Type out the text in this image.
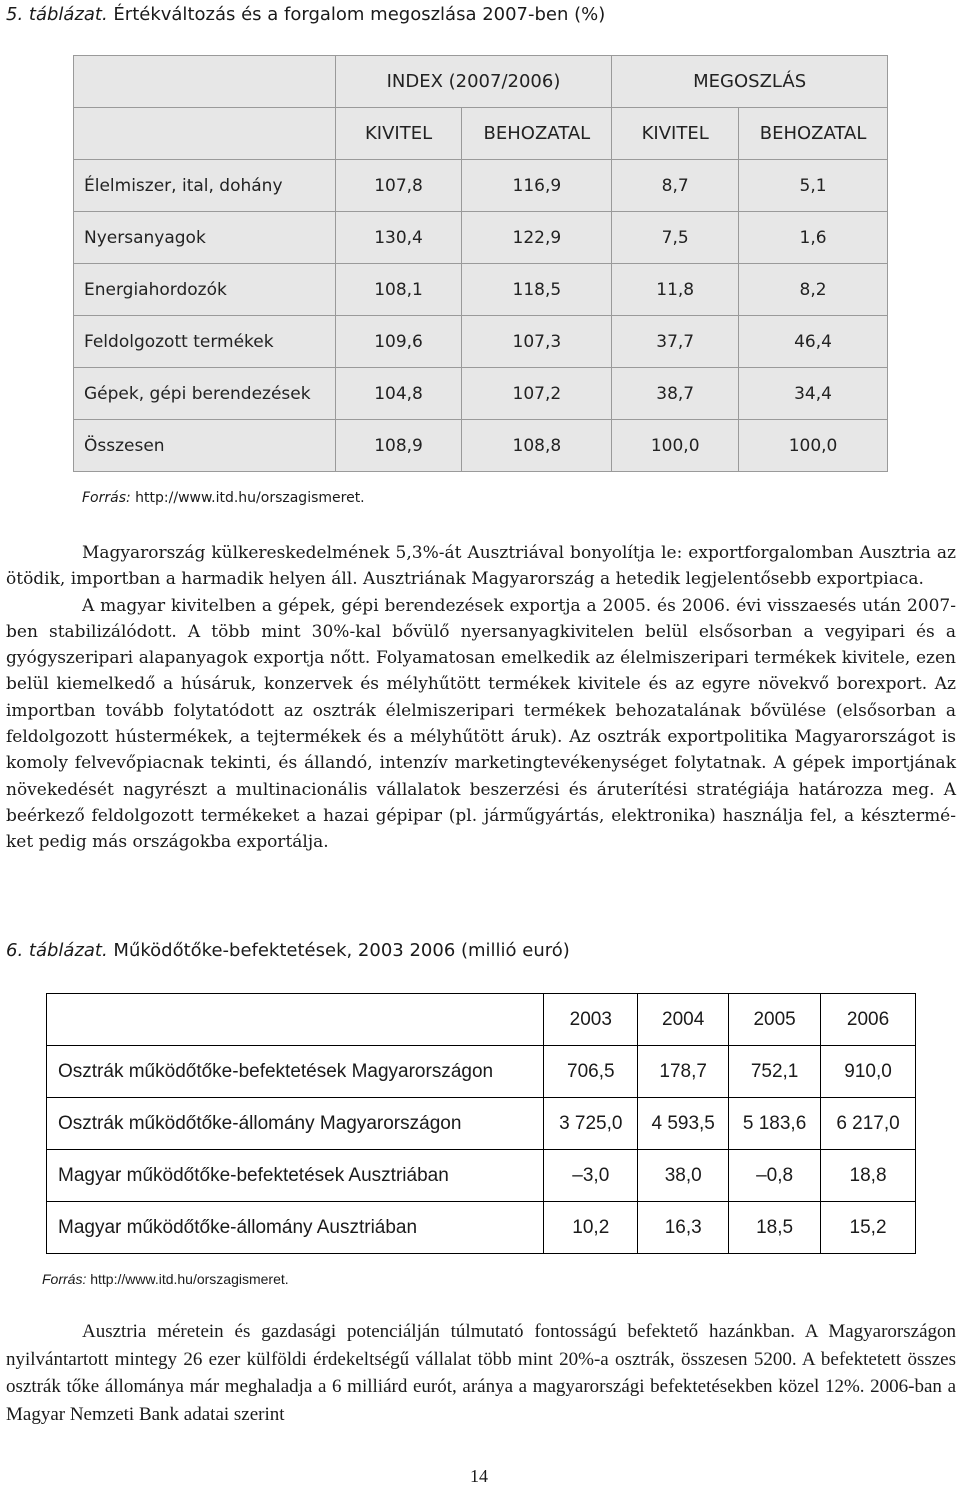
5. táblázat. Értékváltozás és a forgalom megoszlása 2007-ben (%)
	INDEX (2007/2006)		MEGOSZLÁS	
	KIVITEL	BEHOZATAL	KIVITEL	BEHOZATAL
Élelmiszer, ital, dohány	107,8	116,9	8,7	5,1
Nyersanyagok	130,4	122,9	7,5	1,6
Energiahordozók	108,1	118,5	11,8	8,2
Feldolgozott termékek	109,6	107,3	37,7	46,4
Gépek, gépi berendezések	104,8	107,2	38,7	34,4
Összesen	108,9	108,8	100,0	100,0
Forrás: http://www.itd.hu/orszagismeret.

Magyarország külkereskedelmének 5,3%-át Ausztriával bonyolítja le: exportforgalomban Ausztria az ötödik, importban a harmadik helyen áll. Ausztriának Magyarország a hetedik legjelentősebb exportpiaca.

A magyar kivitelben a gépek, gépi berendezések exportja a 2005. és 2006. évi visszaesés után 2007-ben stabilizálódott. A több mint 30%-kal bővülő nyersanyagkivitelen belül elsősorban a vegyipari és a gyógyszeripari alapanyagok exportja nőtt. Folyamatosan emelkedik az élelmiszeripari termékek kivitele, ezen belül kiemelkedő a húsáruk, konzervek és mélyhűtött termékek kivitele és az egyre növekvő borexport. Az importban tovább folytatódott az osztrák élelmiszeripari termékek behozatalának bővülése (elsősorban a feldolgozott hústermékek, a tejtermékek és a mélyhűtött áruk). Az osztrák exportpolitika Magyarországot is komoly felvevőpiacnak tekinti, és állandó, intenzív marketingtevékenységet folytatnak. A gépek importjának növekedését nagyrészt a multinacionális vállalatok beszerzési és áruterítési stratégiája határozza meg. A beérkező feldolgozott termékeket a hazai gépipar (pl. járműgyártás, elektronika) használja fel, a készterméket pedig más országokba exportálja.

6. táblázat. Működőtőke-befektetések, 2003 2006 (millió euró)
	2003	2004	2005	2006
Osztrák működőtőke-befektetések Magyarországon	706,5	178,7	752,1	910,0
Osztrák működőtőke-állomány Magyarországon	3 725,0	4 593,5	5 183,6	6 217,0
Magyar működőtőke-befektetések Ausztriában	–3,0	38,0	–0,8	18,8
Magyar működőtőke-állomány Ausztriában	10,2	16,3	18,5	15,2
Forrás: http://www.itd.hu/orszagismeret.

Ausztria méretein és gazdasági potenciálján túlmutató fontosságú befektető hazánkban. A Magyarországon nyilvántartott mintegy 26 ezer külföldi érdekeltségű vállalat több mint 20%-a osztrák, összesen 5200. A befektetett összes osztrák tőke állománya már meghaladja a 6 milliárd eurót, aránya a magyarországi befektetésekben közel 12%. 2006-ban a Magyar Nemzeti Bank adatai szerint

14
